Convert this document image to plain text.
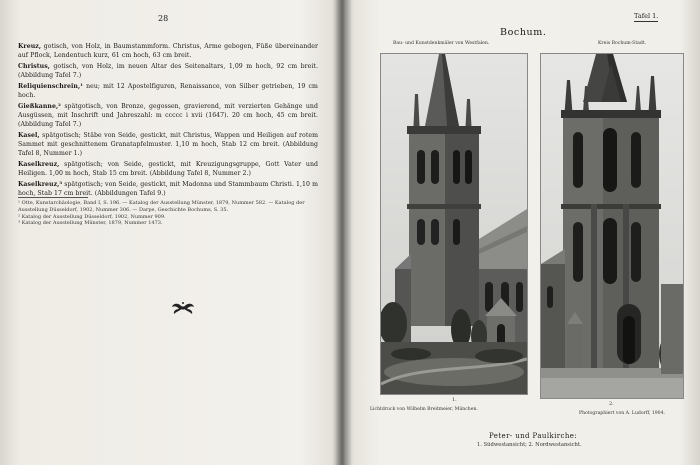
28

Kreuz, gotisch, von Holz, in Baumstammform. Christus, Arme gebogen, Füße übereinander auf Pflock, Lendentuch kurz, 61 cm hoch, 63 cm breit.

Christus, gotisch, von Holz, im neuen Altar des Seitenaltars, 1,09 m hoch, 92 cm breit. (Abbildung Tafel 7.)

Reliquienschrein,¹ neu; mit 12 Apostelfiguren, Renaissance, von Silber getrieben, 19 cm hoch.

Gießkanne,² spätgotisch, von Bronze, gegossen, gravierend, mit verzierten Gehänge und Ausgüssen, mit Inschrift und Jahreszahl: m ccccc i xvii (1647). 20 cm hoch, 45 cm breit. (Abbildung Tafel 7.)

Kasel, spätgotisch; Stäbe von Seide, gestickt, mit Christus, Wappen und Heiligen auf rotem Sammet mit geschnittenem Granatapfelmuster. 1,10 m hoch, Stab 12 cm breit. (Abbildung Tafel 8, Nummer 1.)

Kaselkreuz, spätgotisch; von Seide, gestickt, mit Kreuzigungsgruppe, Gott Vater und Heiligen. 1,00 m hoch, Stab 15 cm breit. (Abbildung Tafel 8, Nummer 2.)

Kaselkreuz,³ spätgotisch; von Seide, gestickt, mit Madonna und Stammbaum Christi. 1,10 m hoch, Stab 17 cm breit. (Abbildungen Tafel 9.)

¹ Otte, Kunstarchäologie, Band I, S. 196. — Katalog der Ausstellung Münster, 1879, Nummer 582. — Katalog der Ausstellung Düsseldorf, 1902, Nummer 306. — Darpe, Geschichte Bochums, S. 35.

² Katalog der Ausstellung Düsseldorf, 1902, Nummer 909.

³ Katalog der Ausstellung Münster, 1879, Nummer 1473.

Tafel 1.
Bochum.
Bau- und Kunstdenkmäler von Westfalen.	Kreis Bochum-Stadt.
1.
2.
Lichtdruck von Wilhelm Breitmeier, München.
Photographiert von A. Ludorff, 1904.
Peter- und Paulkirche:
1. Südwestansicht; 2. Nordwestansicht.
